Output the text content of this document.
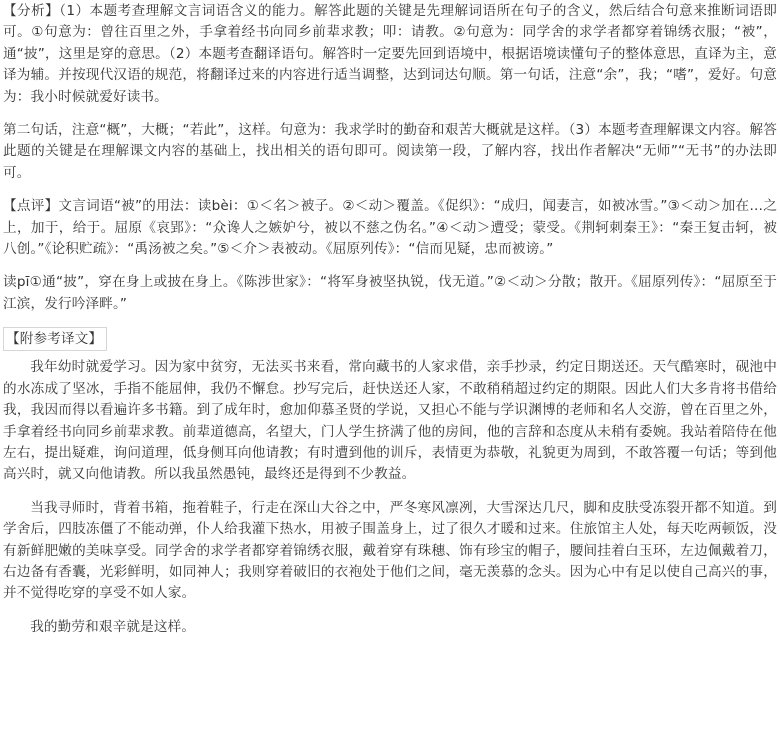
【分析】（1）本题考查理解文言词语含义的能力。解答此题的关键是先理解词语所在句子的含义，然后结合句意来推断词语即可。①句意为：曾往百里之外，手拿着经书向同乡前辈求教；叩：请教。②句意为：同学舍的求学者都穿着锦绣衣服；“被”，通“披”，这里是穿的意思。（2）本题考查翻译语句。解答时一定要先回到语境中，根据语境读懂句子的整体意思，直译为主，意译为辅。并按现代汉语的规范，将翻译过来的内容进行适当调整，达到词达句顺。第一句话，注意“余”，我；“嗜”，爱好。句意为：我小时候就爱好读书。

第二句话，注意“概”，大概；“若此”，这样。句意为：我求学时的勤奋和艰苦大概就是这样。（3）本题考查理解课文内容。解答此题的关键是在理解课文内容的基础上，找出相关的语句即可。阅读第一段，了解内容，找出作者解决“无师”“无书”的办法即可。

【点评】文言词语“被”的用法：读bèi：①＜名＞被子。②＜动＞覆盖。《促织》：“成归，闻妻言，如被冰雪。”③＜动＞加在…之上，加于，给于。屈原《哀郢》：“众谗人之嫉妒兮，被以不慈之伪名。”④＜动＞遭受；蒙受。《荆轲刺秦王》：“秦王复击轲，被八创。”《论积贮疏》：“禹汤被之矣。”⑤＜介＞表被动。《屈原列传》：“信而见疑，忠而被谤。”

读pī①通“披”，穿在身上或披在身上。《陈涉世家》：“将军身被坚执锐，伐无道。”②＜动＞分散；散开。《屈原列传》：“屈原至于江滨，发行吟泽畔。”

【附参考译文】

我年幼时就爱学习。因为家中贫穷，无法买书来看，常向藏书的人家求借，亲手抄录，约定日期送还。天气酷寒时，砚池中的水冻成了坚冰，手指不能屈伸，我仍不懈怠。抄写完后，赶快送还人家，不敢稍稍超过约定的期限。因此人们大多肯将书借给我，我因而得以看遍许多书籍。到了成年时，愈加仰慕圣贤的学说，又担心不能与学识渊博的老师和名人交游，曾在百里之外，手拿着经书向同乡前辈求教。前辈道德高，名望大，门人学生挤满了他的房间，他的言辞和态度从未稍有委婉。我站着陪侍在他左右，提出疑难，询问道理，低身侧耳向他请教；有时遭到他的训斥，表情更为恭敬，礼貌更为周到，不敢答覆一句话；等到他高兴时，就又向他请教。所以我虽然愚钝，最终还是得到不少教益。

当我寻师时，背着书箱，拖着鞋子，行走在深山大谷之中，严冬寒风凛冽，大雪深达几尺，脚和皮肤受冻裂开都不知道。到学舍后，四肢冻僵了不能动弹，仆人给我灌下热水，用被子围盖身上，过了很久才暖和过来。住旅馆主人处，每天吃两顿饭，没有新鲜肥嫩的美味享受。同学舍的求学者都穿着锦绣衣服，戴着穿有珠穗、饰有珍宝的帽子，腰间挂着白玉环，左边佩戴着刀，右边备有香囊，光彩鲜明，如同神人；我则穿着破旧的衣袍处于他们之间，毫无羡慕的念头。因为心中有足以使自己高兴的事，并不觉得吃穿的享受不如人家。

我的勤劳和艰辛就是这样。
